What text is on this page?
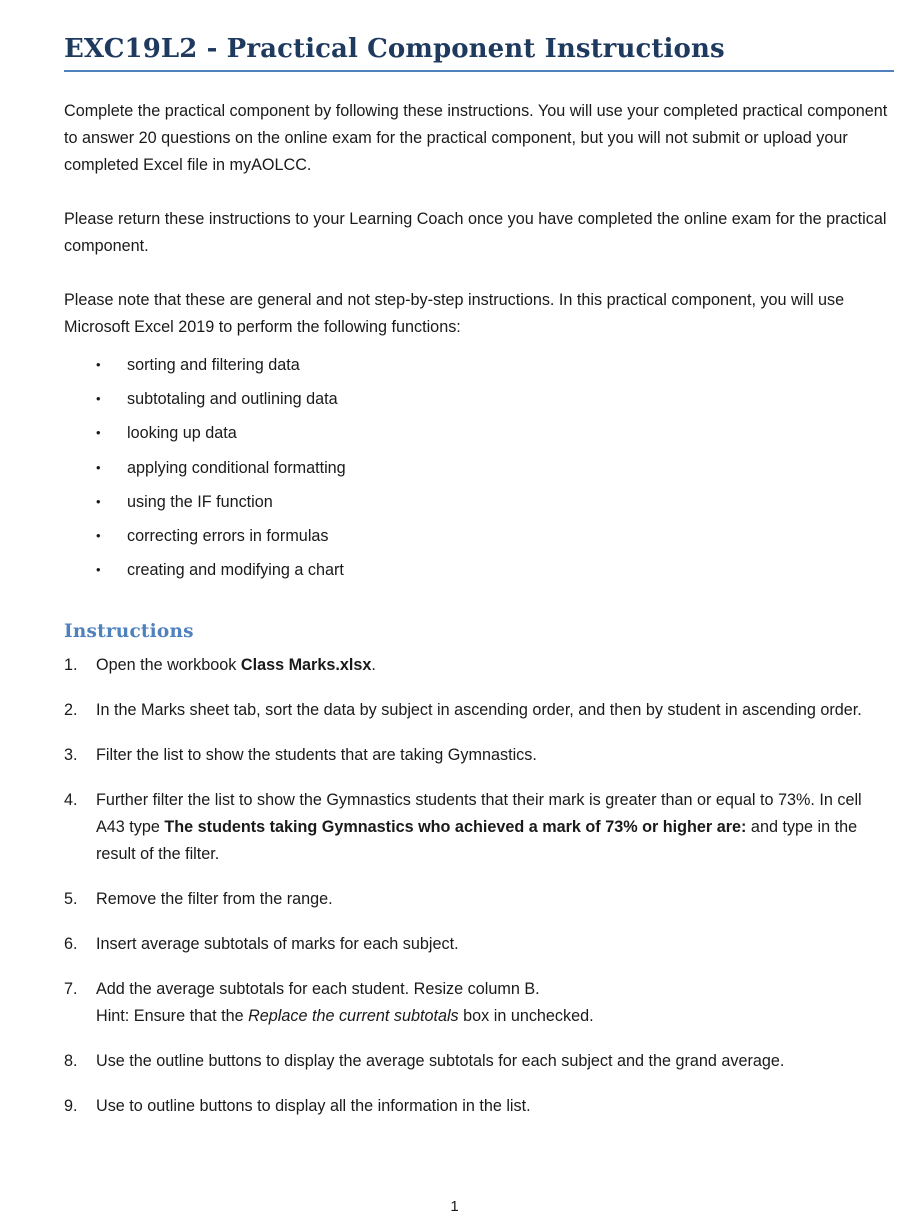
EXC19L2 - Practical Component Instructions

Complete the practical component by following these instructions. You will use your completed practical component to answer 20 questions on the online exam for the practical component, but you will not submit or upload your completed Excel file in myAOLCC.

Please return these instructions to your Learning Coach once you have completed the online exam for the practical component.

Please note that these are general and not step-by-step instructions. In this practical component, you will use Microsoft Excel 2019 to perform the following functions:

• sorting and filtering data
• subtotaling and outlining data
• looking up data
• applying conditional formatting
• using the IF function
• correcting errors in formulas
• creating and modifying a chart
Instructions
1. Open the workbook Class Marks.xlsx.
2. In the Marks sheet tab, sort the data by subject in ascending order, and then by student in ascending order.
3. Filter the list to show the students that are taking Gymnastics.
4. Further filter the list to show the Gymnastics students that their mark is greater than or equal to 73%. In cell A43 type The students taking Gymnastics who achieved a mark of 73% or higher are: and type in the result of the filter.
5. Remove the filter from the range.
6. Insert average subtotals of marks for each subject.
7. Add the average subtotals for each student. Resize column B.
Hint: Ensure that the Replace the current subtotals box in unchecked.
8. Use the outline buttons to display the average subtotals for each subject and the grand average.
9. Use to outline buttons to display all the information in the list.
1
